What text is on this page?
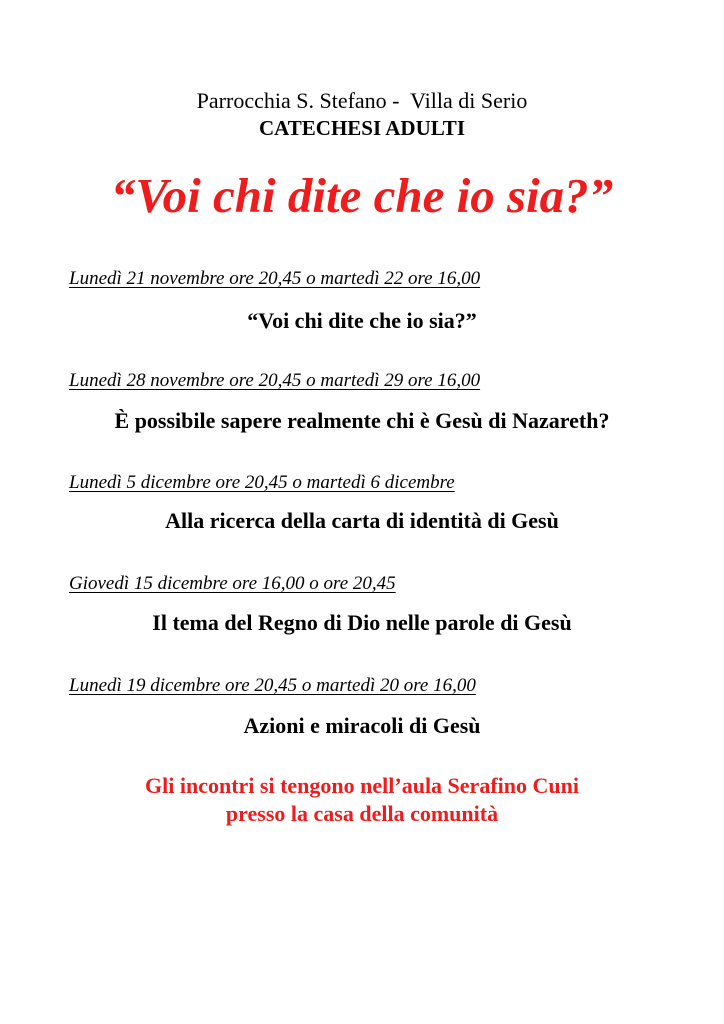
Parrocchia S. Stefano -  Villa di Serio
CATECHESI ADULTI
“Voi chi dite che io sia?”
Lunedì 21 novembre ore 20,45 o martedì 22 ore 16,00
“Voi chi dite che io sia?”
Lunedì 28 novembre ore 20,45 o martedì 29 ore 16,00
È possibile sapere realmente chi è Gesù di Nazareth?
Lunedì 5 dicembre ore 20,45 o martedì 6 dicembre
Alla ricerca della carta di identità di Gesù
Giovedì 15 dicembre ore 16,00 o ore 20,45
Il tema del Regno di Dio nelle parole di Gesù
Lunedì 19 dicembre ore 20,45 o martedì 20 ore 16,00
Azioni e miracoli di Gesù
Gli incontri si tengono nell’aula Serafino Cuni
presso la casa della comunità
